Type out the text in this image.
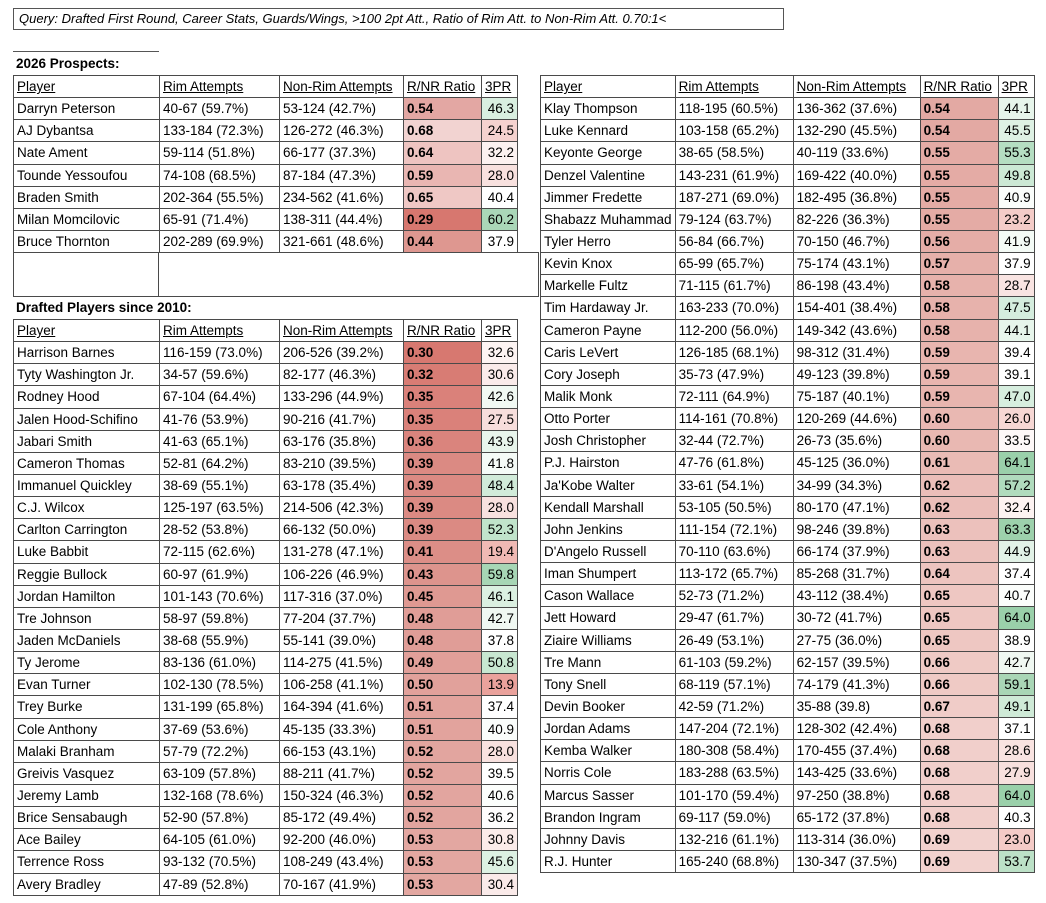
Query: Drafted First Round, Career Stats, Guards/Wings, >100 2pt Att., Ratio of Rim Att. to Non-Rim Att. 0.70:1<
2026 Prospects:
Player	Rim Attempts	Non-Rim Attempts	R/NR Ratio	3PR
Darryn Peterson	40-67 (59.7%)	53-124 (42.7%)	0.54	46.3
AJ Dybantsa	133-184 (72.3%)	126-272 (46.3%)	0.68	24.5
Nate Ament	59-114 (51.8%)	66-177 (37.3%)	0.64	32.2
Tounde Yessoufou	74-108 (68.5%)	87-184 (47.3%)	0.59	28.0
Braden Smith	202-364 (55.5%)	234-562 (41.6%)	0.65	40.4
Milan Momcilovic	65-91 (71.4%)	138-311 (44.4%)	0.29	60.2
Bruce Thornton	202-289 (69.9%)	321-661 (48.6%)	0.44	37.9
Drafted Players since 2010:
Player	Rim Attempts	Non-Rim Attempts	R/NR Ratio	3PR
Harrison Barnes	116-159 (73.0%)	206-526 (39.2%)	0.30	32.6
Tyty Washington Jr.	34-57 (59.6%)	82-177 (46.3%)	0.32	30.6
Rodney Hood	67-104 (64.4%)	133-296 (44.9%)	0.35	42.6
Jalen Hood-Schifino	41-76 (53.9%)	90-216 (41.7%)	0.35	27.5
Jabari Smith	41-63 (65.1%)	63-176 (35.8%)	0.36	43.9
Cameron Thomas	52-81 (64.2%)	83-210 (39.5%)	0.39	41.8
Immanuel Quickley	38-69 (55.1%)	63-178 (35.4%)	0.39	48.4
C.J. Wilcox	125-197 (63.5%)	214-506 (42.3%)	0.39	28.0
Carlton Carrington	28-52 (53.8%)	66-132 (50.0%)	0.39	52.3
Luke Babbit	72-115 (62.6%)	131-278 (47.1%)	0.41	19.4
Reggie Bullock	60-97 (61.9%)	106-226 (46.9%)	0.43	59.8
Jordan Hamilton	101-143 (70.6%)	117-316 (37.0%)	0.45	46.1
Tre Johnson	58-97 (59.8%)	77-204 (37.7%)	0.48	42.7
Jaden McDaniels	38-68 (55.9%)	55-141 (39.0%)	0.48	37.8
Ty Jerome	83-136 (61.0%)	114-275 (41.5%)	0.49	50.8
Evan Turner	102-130 (78.5%)	106-258 (41.1%)	0.50	13.9
Trey Burke	131-199 (65.8%)	164-394 (41.6%)	0.51	37.4
Cole Anthony	37-69 (53.6%)	45-135 (33.3%)	0.51	40.9
Malaki Branham	57-79 (72.2%)	66-153 (43.1%)	0.52	28.0
Greivis Vasquez	63-109 (57.8%)	88-211 (41.7%)	0.52	39.5
Jeremy Lamb	132-168 (78.6%)	150-324 (46.3%)	0.52	40.6
Brice Sensabaugh	52-90 (57.8%)	85-172 (49.4%)	0.52	36.2
Ace Bailey	64-105 (61.0%)	92-200 (46.0%)	0.53	30.8
Terrence Ross	93-132 (70.5%)	108-249 (43.4%)	0.53	45.6
Avery Bradley	47-89 (52.8%)	70-167 (41.9%)	0.53	30.4
Player	Rim Attempts	Non-Rim Attempts	R/NR Ratio	3PR
Klay Thompson	118-195 (60.5%)	136-362 (37.6%)	0.54	44.1
Luke Kennard	103-158 (65.2%)	132-290 (45.5%)	0.54	45.5
Keyonte George	38-65 (58.5%)	40-119 (33.6%)	0.55	55.3
Denzel Valentine	143-231 (61.9%)	169-422 (40.0%)	0.55	49.8
Jimmer Fredette	187-271 (69.0%)	182-495 (36.8%)	0.55	40.9
Shabazz Muhammad	79-124 (63.7%)	82-226 (36.3%)	0.55	23.2
Tyler Herro	56-84 (66.7%)	70-150 (46.7%)	0.56	41.9
Kevin Knox	65-99 (65.7%)	75-174 (43.1%)	0.57	37.9
Markelle Fultz	71-115 (61.7%)	86-198 (43.4%)	0.58	28.7
Tim Hardaway Jr.	163-233 (70.0%)	154-401 (38.4%)	0.58	47.5
Cameron Payne	112-200 (56.0%)	149-342 (43.6%)	0.58	44.1
Caris LeVert	126-185 (68.1%)	98-312 (31.4%)	0.59	39.4
Cory Joseph	35-73 (47.9%)	49-123 (39.8%)	0.59	39.1
Malik Monk	72-111 (64.9%)	75-187 (40.1%)	0.59	47.0
Otto Porter	114-161 (70.8%)	120-269 (44.6%)	0.60	26.0
Josh Christopher	32-44 (72.7%)	26-73 (35.6%)	0.60	33.5
P.J. Hairston	47-76 (61.8%)	45-125 (36.0%)	0.61	64.1
Ja'Kobe Walter	33-61 (54.1%)	34-99 (34.3%)	0.62	57.2
Kendall Marshall	53-105 (50.5%)	80-170 (47.1%)	0.62	32.4
John Jenkins	111-154 (72.1%)	98-246 (39.8%)	0.63	63.3
D'Angelo Russell	70-110 (63.6%)	66-174 (37.9%)	0.63	44.9
Iman Shumpert	113-172 (65.7%)	85-268 (31.7%)	0.64	37.4
Cason Wallace	52-73 (71.2%)	43-112 (38.4%)	0.65	40.7
Jett Howard	29-47 (61.7%)	30-72 (41.7%)	0.65	64.0
Ziaire Williams	26-49 (53.1%)	27-75 (36.0%)	0.65	38.9
Tre Mann	61-103 (59.2%)	62-157 (39.5%)	0.66	42.7
Tony Snell	68-119 (57.1%)	74-179 (41.3%)	0.66	59.1
Devin Booker	42-59 (71.2%)	35-88 (39.8)	0.67	49.1
Jordan Adams	147-204 (72.1%)	128-302 (42.4%)	0.68	37.1
Kemba Walker	180-308 (58.4%)	170-455 (37.4%)	0.68	28.6
Norris Cole	183-288 (63.5%)	143-425 (33.6%)	0.68	27.9
Marcus Sasser	101-170 (59.4%)	97-250 (38.8%)	0.68	64.0
Brandon Ingram	69-117 (59.0%)	65-172 (37.8%)	0.68	40.3
Johnny Davis	132-216 (61.1%)	113-314 (36.0%)	0.69	23.0
R.J. Hunter	165-240 (68.8%)	130-347 (37.5%)	0.69	53.7
